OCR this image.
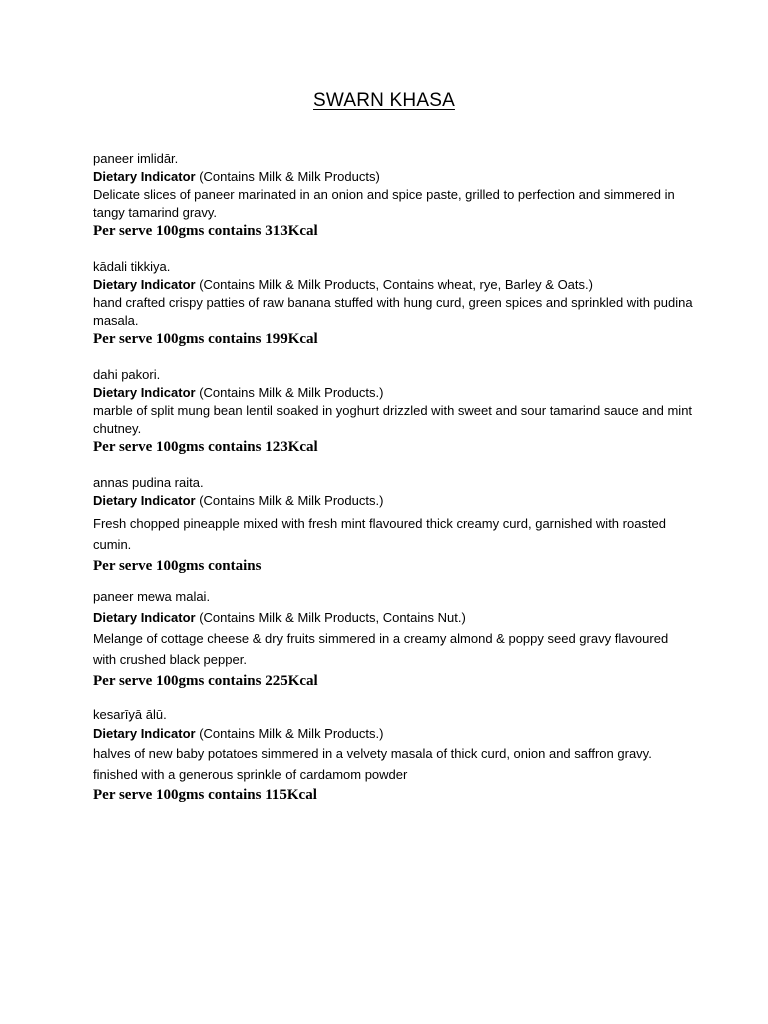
SWARN KHASA
paneer imlidār.
Dietary Indicator (Contains Milk & Milk Products)
Delicate slices of paneer marinated in an onion and spice paste, grilled to perfection and simmered in tangy tamarind gravy.
Per serve 100gms contains 313Kcal
kādali tikkiya.
Dietary Indicator (Contains Milk & Milk Products, Contains wheat, rye, Barley & Oats.)
hand crafted crispy patties of raw banana stuffed with hung curd, green spices and sprinkled with pudina masala.
Per serve 100gms contains 199Kcal
dahi pakori.
Dietary Indicator (Contains Milk & Milk Products.)
marble of split mung bean lentil soaked in yoghurt drizzled with sweet and sour tamarind sauce and mint chutney.
Per serve 100gms contains 123Kcal
annas pudina raita.
Dietary Indicator (Contains Milk & Milk Products.)
Fresh chopped pineapple mixed with fresh mint flavoured thick creamy curd, garnished with roasted cumin.
Per serve 100gms contains
paneer mewa malai.
Dietary Indicator (Contains Milk & Milk Products, Contains Nut.)
Melange of cottage cheese & dry fruits simmered in a creamy almond & poppy seed gravy flavoured with crushed black pepper.
Per serve 100gms contains 225Kcal
kesarīyā ālū.
Dietary Indicator (Contains Milk & Milk Products.)
halves of new baby potatoes simmered in a velvety masala of thick curd, onion and saffron gravy. finished with a generous sprinkle of cardamom powder
Per serve 100gms contains 115Kcal
